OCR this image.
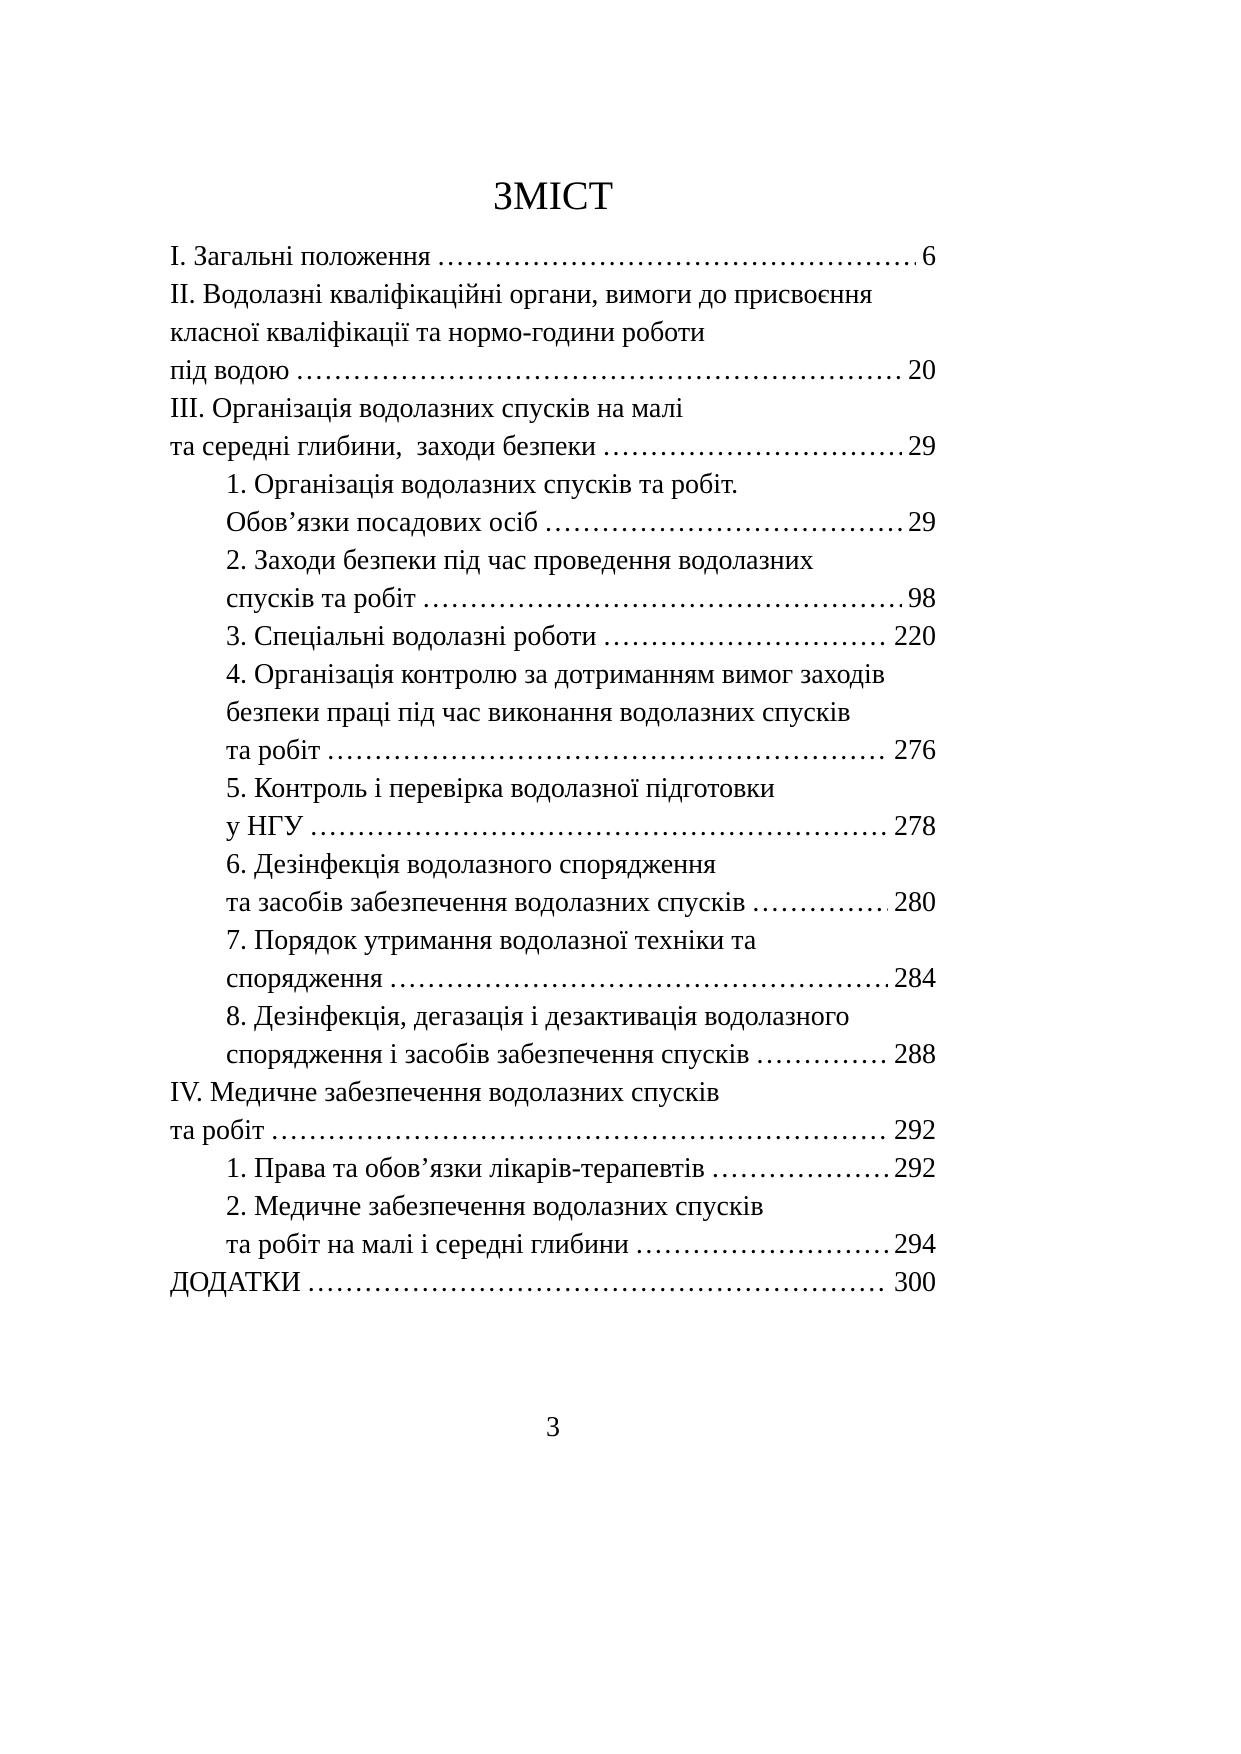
ЗМІСТ
І. Загальні положення .....	6
ІІ. Водолазні кваліфікаційні органи, вимоги до присвоєння
класної кваліфікації та нормо-години роботи
під водою .....	20
ІІІ. Організація водолазних спусків на малі
та середні глибини,  заходи безпеки .....	29
1. Організація водолазних спусків та робіт.
Обов’язки посадових осіб .....	29
2. Заходи безпеки під час проведення водолазних
спусків та робіт .....	98
3. Спеціальні водолазні роботи .....	220
4. Організація контролю за дотриманням вимог заходів
безпеки праці під час виконання водолазних спусків
та робіт .....	276
5. Контроль і перевірка водолазної підготовки
у НГУ .....	278
6. Дезінфекція водолазного спорядження
та засобів забезпечення водолазних спусків .....	280
7. Порядок утримання водолазної техніки та
спорядження .....	284
8. Дезінфекція, дегазація і дезактивація водолазного
спорядження і засобів забезпечення спусків .....	288
IV. Медичне забезпечення водолазних спусків
та робіт .....	292
1. Права та обов’язки лікарів-терапевтів .....	292
2. Медичне забезпечення водолазних спусків
та робіт на малі і середні глибини .....	294
ДОДАТКИ .....	300
3
